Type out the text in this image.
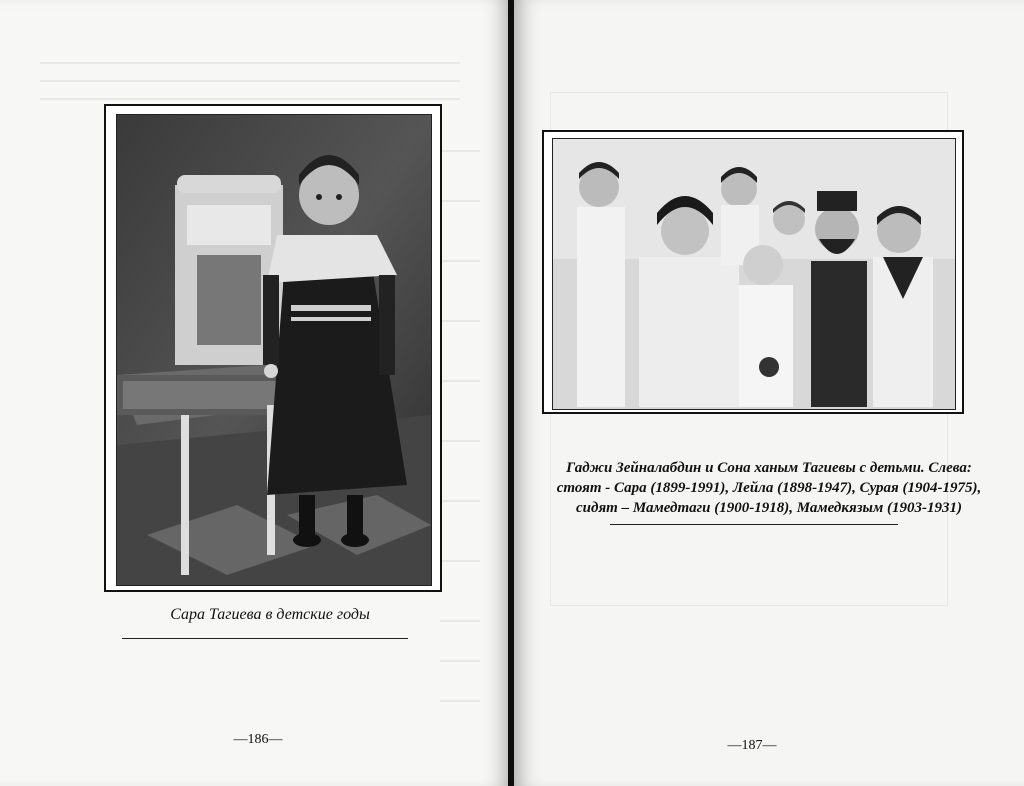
Сара Тагиева в детские годы
—186—
Гаджи Зейналабдин и Сона ханым Тагиевы с детьми. Слева:
стоят - Сара (1899-1991), Лейла (1898-1947), Сурая (1904-1975),
сидят – Мамедтаги (1900-1918), Мамедкязым (1903-1931)
—187—
